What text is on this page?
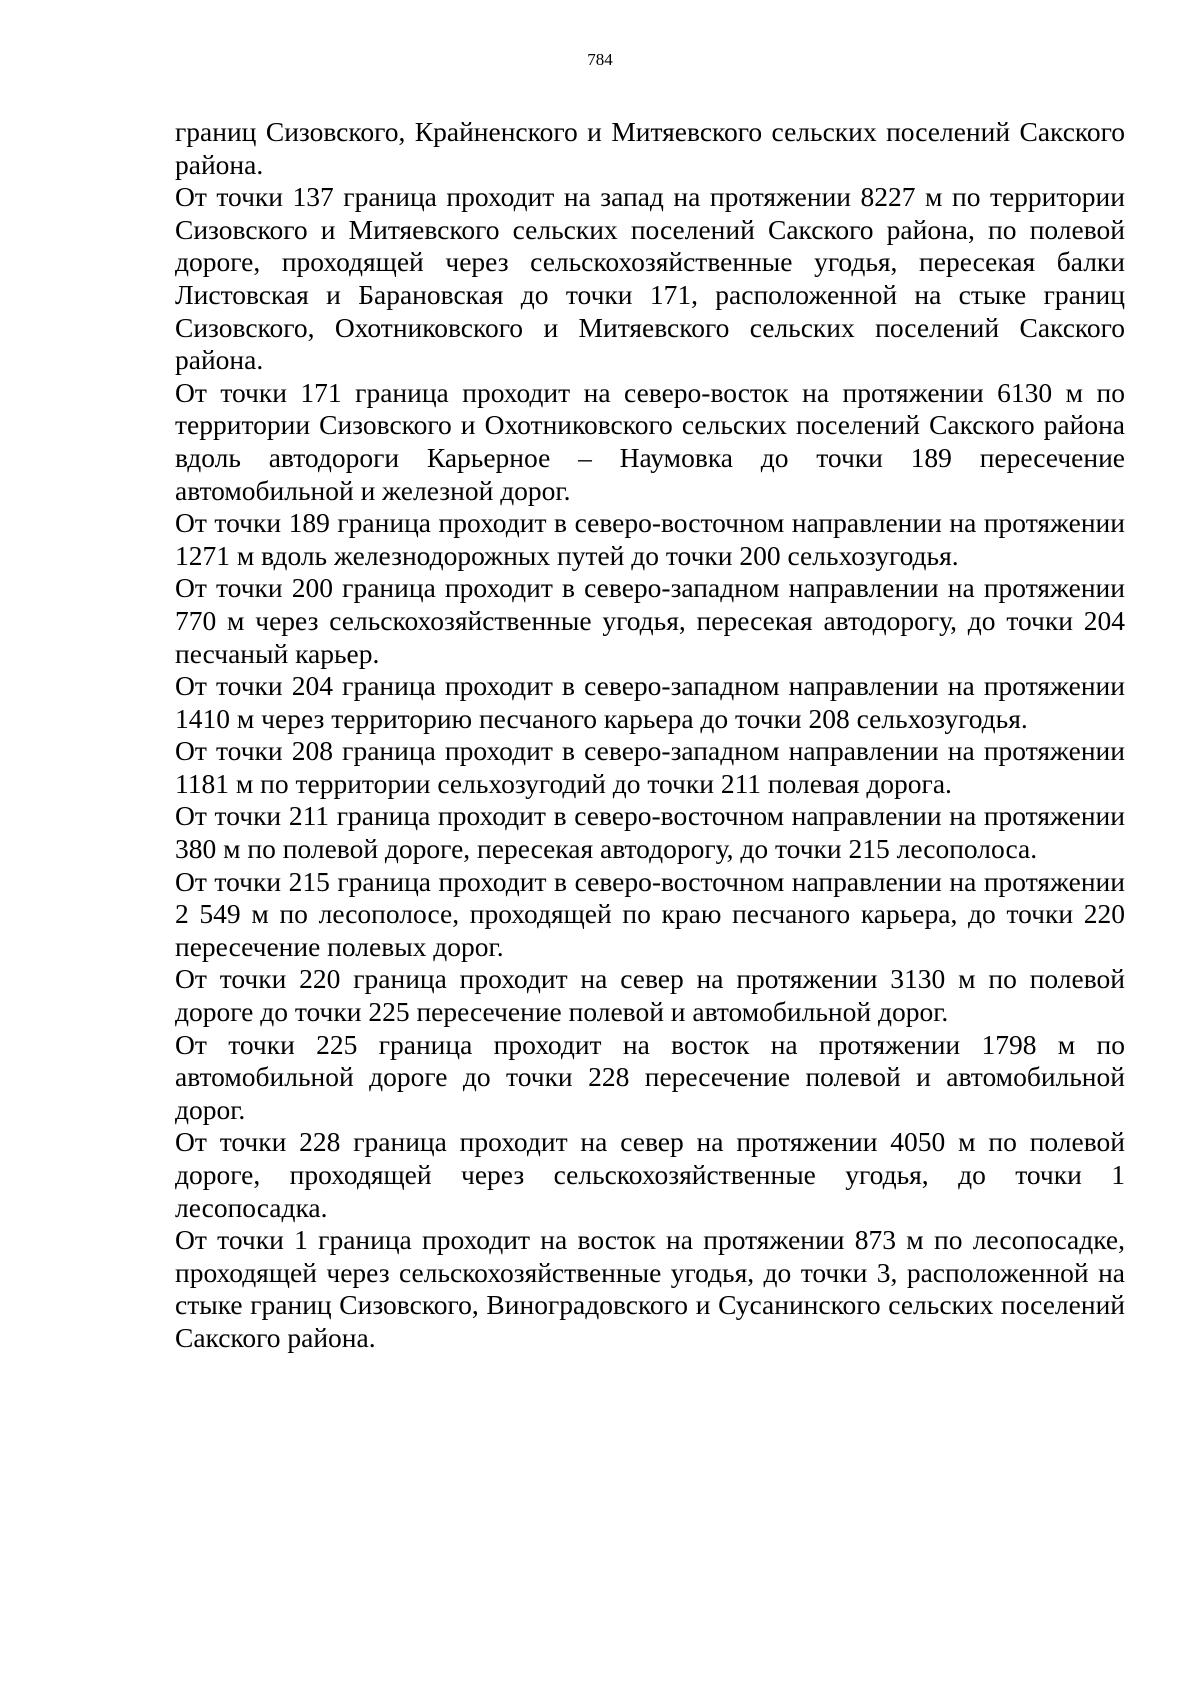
784

границ Сизовского, Крайненского и Митяевского сельских поселений Сакского района.

От точки 137 граница проходит на запад на протяжении 8227 м по территории Сизовского и Митяевского сельских поселений Сакского района, по полевой дороге, проходящей через сельскохозяйственные угодья, пересекая балки Листовская и Барановская до точки 171, расположенной на стыке границ Сизовского, Охотниковского и Митяевского сельских поселений Сакского района.

От точки 171 граница проходит на северо-восток на протяжении 6130 м по территории Сизовского и Охотниковского сельских поселений Сакского района вдоль автодороги Карьерное – Наумовка до точки 189 пересечение автомобильной и железной дорог.

От точки 189 граница проходит в северо-восточном направлении на протяжении 1271 м вдоль железнодорожных путей до точки 200 сельхозугодья.

От точки 200 граница проходит в северо-западном направлении на протяжении 770 м через сельскохозяйственные угодья, пересекая автодорогу, до точки 204 песчаный карьер.

От точки 204 граница проходит в северо-западном направлении на протяжении 1410 м через территорию песчаного карьера до точки 208 сельхозугодья.

От точки 208 граница проходит в северо-западном направлении на протяжении 1181 м по территории сельхозугодий до точки 211 полевая дорога.

От точки 211 граница проходит в северо-восточном направлении на протяжении 380 м по полевой дороге, пересекая автодорогу, до точки 215 лесополоса.

От точки 215 граница проходит в северо-восточном направлении на протяжении 2 549 м по лесополосе, проходящей по краю песчаного карьера, до точки 220 пересечение полевых дорог.

От точки 220 граница проходит на север на протяжении 3130 м по полевой дороге до точки 225 пересечение полевой и автомобильной дорог.

От точки 225 граница проходит на восток на протяжении 1798 м по автомобильной дороге до точки 228 пересечение полевой и автомобильной дорог.

От точки 228 граница проходит на север на протяжении 4050 м по полевой дороге, проходящей через сельскохозяйственные угодья, до точки 1 лесопосадка.

От точки 1 граница проходит на восток на протяжении 873 м по лесопосадке, проходящей через сельскохозяйственные угодья, до точки 3, расположенной на стыке границ Сизовского, Виноградовского и Сусанинского сельских поселений Сакского района.
